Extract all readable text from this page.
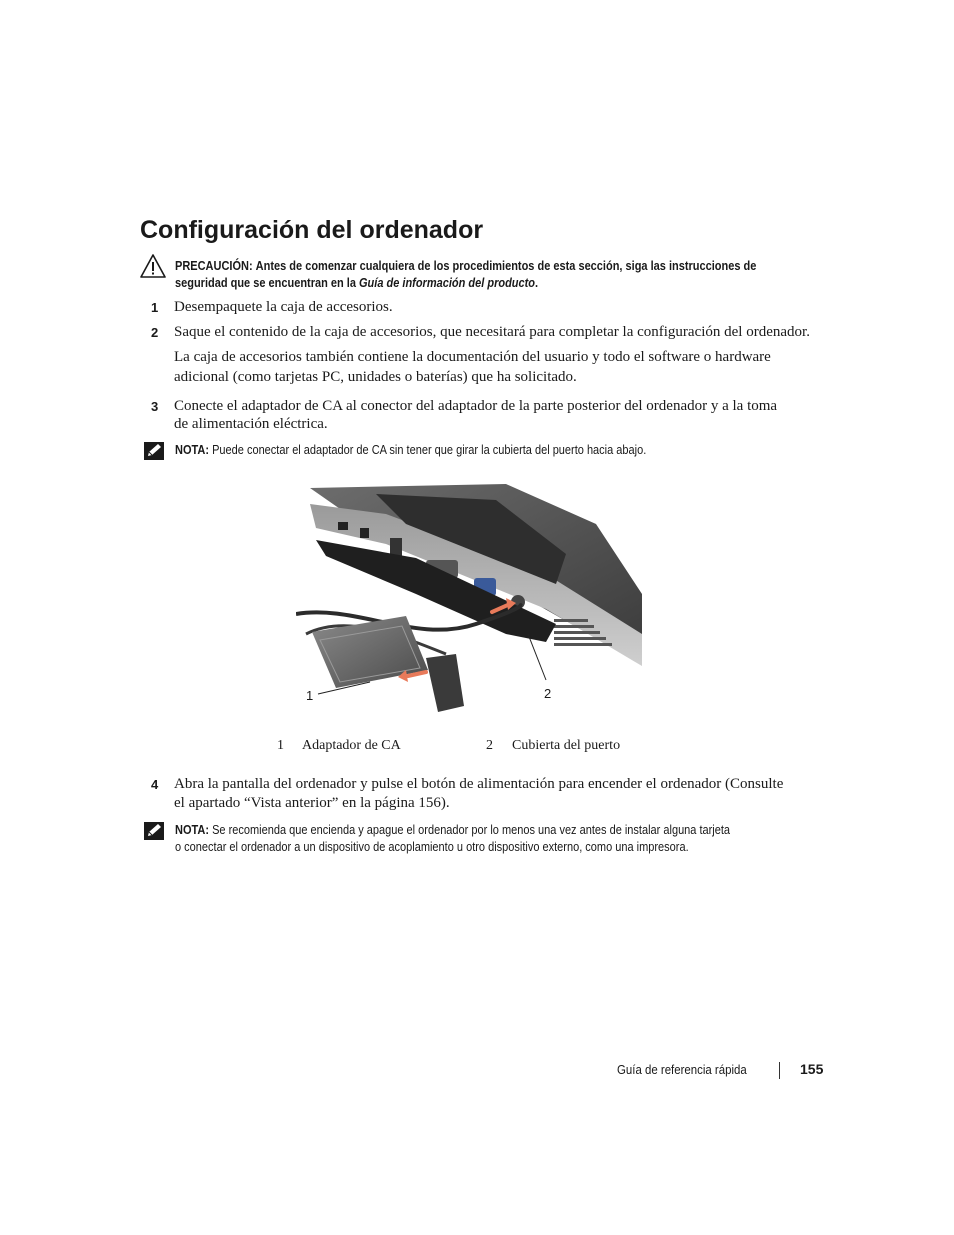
Configuración del ordenador
PRECAUCIÓN: Antes de comenzar cualquiera de los procedimientos de esta sección, siga las instrucciones de
seguridad que se encuentran en la Guía de información del producto.
1 Desempaquete la caja de accesorios.
2 Saque el contenido de la caja de accesorios, que necesitará para completar la configuración del ordenador.
La caja de accesorios también contiene la documentación del usuario y todo el software o hardware
adicional (como tarjetas PC, unidades o baterías) que ha solicitado.
3 Conecte el adaptador de CA al conector del adaptador de la parte posterior del ordenador y a la toma
de alimentación eléctrica.
NOTA: Puede conectar el adaptador de CA sin tener que girar la cubierta del puerto hacia abajo.
1	2
1 Adaptador de CA	2 Cubierta del puerto
4 Abra la pantalla del ordenador y pulse el botón de alimentación para encender el ordenador (Consulte
el apartado “Vista anterior” en la página 156).
NOTA: Se recomienda que encienda y apague el ordenador por lo menos una vez antes de instalar alguna tarjeta
o conectar el ordenador a un dispositivo de acoplamiento u otro dispositivo externo, como una impresora.
Guía de referencia rápida	155
